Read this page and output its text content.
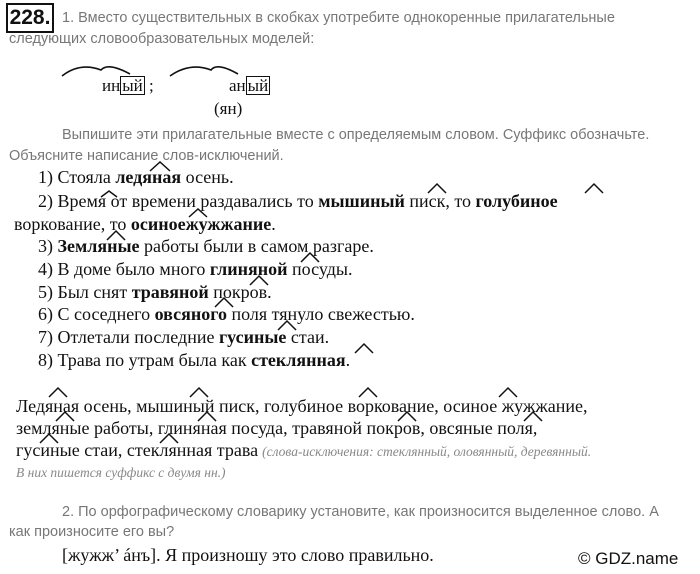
228. 1. Вместо существительных в скобках употребите однокоренные прилагательные
следующих словообразовательных моделей:
ин ый ;	ан ый
(ян)
Выпишите эти прилагательные вместе с определяемым словом. Суффикс обозначьте.
Объясните написание слов-исключений.
1) Стояла ледяная осень.
2) Время от времени раздавались то мышиный писк, то голубиное
воркование, то осиноежужжание.
3) Земляные работы были в самом разгаре.
4) В доме было много глиняной посуды.
5) Был снят травяной покров.
6) С соседнего овсяного поля тянуло свежестью.
7) Отлетали последние гусиные стаи.
8) Трава по утрам была как стеклянная.
Ледяная осень, мышиный писк, голубиное воркование, осиное жужжание,
земляные работы, глиняная посуда, травяной покров, овсяные поля,
гусиные стаи, стеклянная трава (слова-исключения: стеклянный, оловянный, деревянный.
В них пишется суффикс с двумя нн.)
2. По орфографическому словарику установите, как произносится выделенное слово. А
как произносите его вы?
[жужж’ áнъ]. Я произношу это слово правильно.	© GDZ.name
